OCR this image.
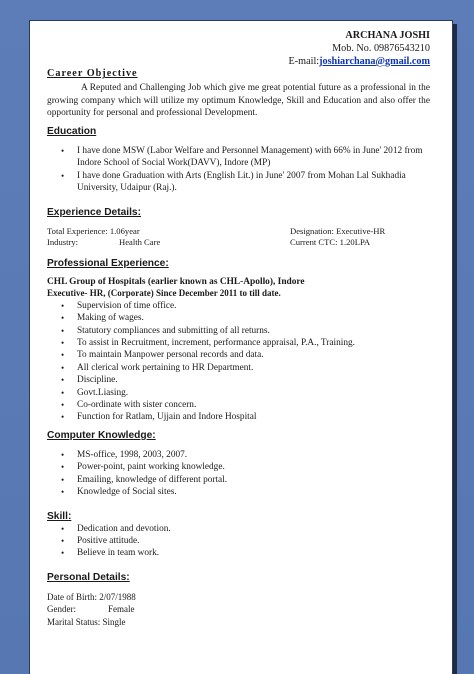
ARCHANA JOSHI
Mob. No. 09876543210
E-mail:joshiarchana@gmail.com
Career Objective

A Reputed and Challenging Job which give me great potential future as a professional in the growing company which will utilize my optimum Knowledge, Skill and Education and also offer the opportunity for personal and professional Development.

Education
• I have done MSW (Labor Welfare and Personnel Management) with 66% in June' 2012 from Indore School of Social Work(DAVV), Indore (MP)
• I have done Graduation with Arts (English Lit.) in June' 2007 from Mohan Lal Sukhadia University, Udaipur (Raj.).
Experience Details:
Total Experience: 1.06year	Designation: Executive-HR
Industry:	Health Care	Current CTC: 1.20LPA
Professional Experience:
CHL Group of Hospitals (earlier known as CHL-Apollo), Indore
Executive- HR, (Corporate) Since December 2011 to till date.
• Supervision of time office.
• Making of wages.
• Statutory compliances and submitting of all returns.
• To assist in Recruitment, increment, performance appraisal, P.A., Training.
• To maintain Manpower personal records and data.
• All clerical work pertaining to HR Department.
• Discipline.
• Govt.Liasing.
• Co-ordinate with sister concern.
• Function for Ratlam, Ujjain and Indore Hospital
Computer Knowledge:
• MS-office, 1998, 2003, 2007.
• Power-point, paint working knowledge.
• Emailing, knowledge of different portal.
• Knowledge of Social sites.
Skill:
• Dedication and devotion.
• Positive attitude.
• Believe in team work.
Personal Details:
Date of Birth: 2/07/1988
Gender:	Female
Marital Status: Single
